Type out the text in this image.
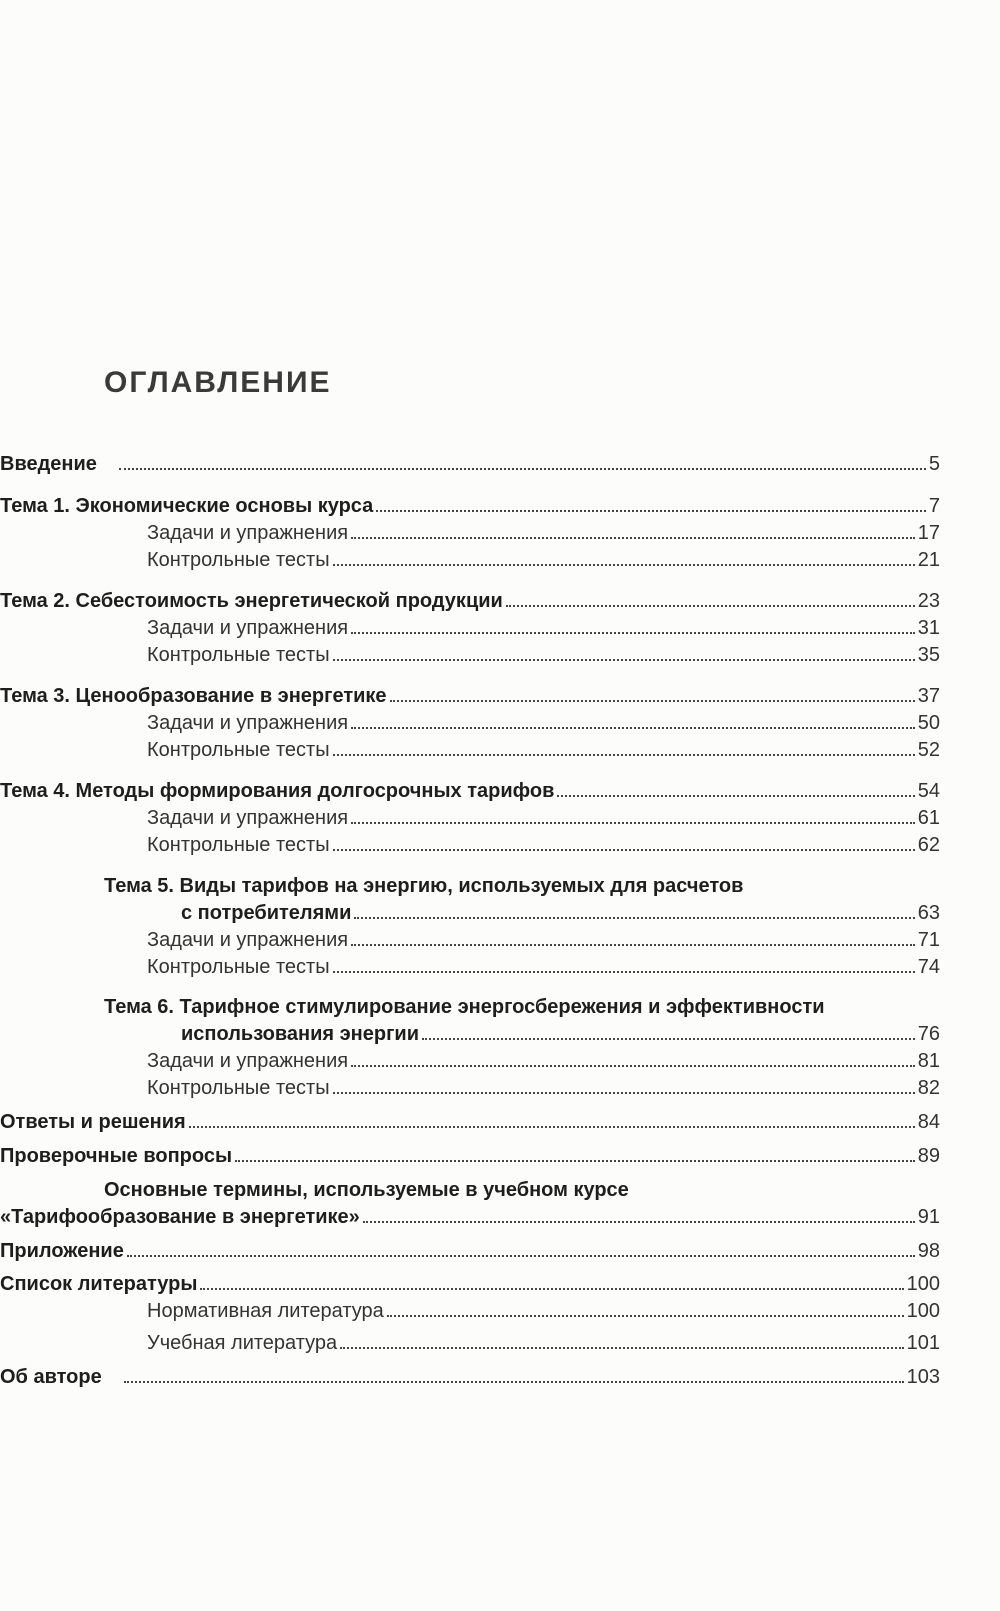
ОГЛАВЛЕНИЕ
Введение	5
Тема 1. Экономические основы курса	7
Задачи и упражнения	17
Контрольные тесты	21
Тема 2. Себестоимость энергетической продукции	23
Задачи и упражнения	31
Контрольные тесты	35
Тема 3. Ценообразование в энергетике	37
Задачи и упражнения	50
Контрольные тесты	52
Тема 4. Методы формирования долгосрочных тарифов	54
Задачи и упражнения	61
Контрольные тесты	62
Тема 5. Виды тарифов на энергию, используемых для расчетов
с потребителями	63
Задачи и упражнения	71
Контрольные тесты	74
Тема 6. Тарифное стимулирование энергосбережения и эффективности
использования энергии	76
Задачи и упражнения	81
Контрольные тесты	82
Ответы и решения	84
Проверочные вопросы	89
Основные термины, используемые в учебном курсе
«Тарифообразование в энергетике»	91
Приложение	98
Список литературы	100
Нормативная литература	100
Учебная литература	101
Об авторе	103
